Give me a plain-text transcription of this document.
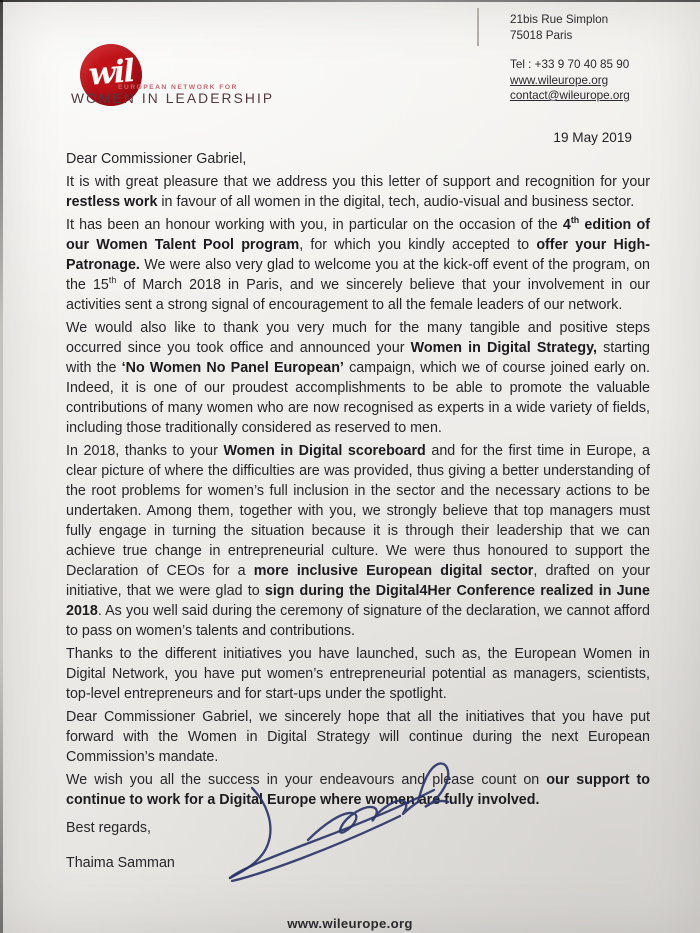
wil
EUROPEAN NETWORK FOR
WOMEN IN LEADERSHIP
21bis Rue Simplon
75018 Paris
Tel : +33 9 70 40 85 90
www.wileurope.org
contact@wileurope.org
19 May 2019

Dear Commissioner Gabriel,

It is with great pleasure that we address you this letter of support and recognition for your restless work in favour of all women in the digital, tech, audio-visual and business sector.

It has been an honour working with you, in particular on the occasion of the 4th edition of our Women Talent Pool program, for which you kindly accepted to offer your High-Patronage. We were also very glad to welcome you at the kick-off event of the program, on the 15th of March 2018 in Paris, and we sincerely believe that your involvement in our activities sent a strong signal of encouragement to all the female leaders of our network.

We would also like to thank you very much for the many tangible and positive steps occurred since you took office and announced your Women in Digital Strategy, starting with the ‘No Women No Panel European’ campaign, which we of course joined early on. Indeed, it is one of our proudest accomplishments to be able to promote the valuable contributions of many women who are now recognised as experts in a wide variety of fields, including those traditionally considered as reserved to men.

In 2018, thanks to your Women in Digital scoreboard and for the first time in Europe, a clear picture of where the difficulties are was provided, thus giving a better understanding of the root problems for women’s full inclusion in the sector and the necessary actions to be undertaken. Among them, together with you, we strongly believe that top managers must fully engage in turning the situation because it is through their leadership that we can achieve true change in entrepreneurial culture. We were thus honoured to support the Declaration of CEOs for a more inclusive European digital sector, drafted on your initiative, that we were glad to sign during the Digital4Her Conference realized in June 2018. As you well said during the ceremony of signature of the declaration, we cannot afford to pass on women’s talents and contributions.

Thanks to the different initiatives you have launched, such as, the European Women in Digital Network, you have put women’s entrepreneurial potential as managers, scientists, top-level entrepreneurs and for start-ups under the spotlight.

Dear Commissioner Gabriel, we sincerely hope that all the initiatives that you have put forward with the Women in Digital Strategy will continue during the next European Commission’s mandate.

We wish you all the success in your endeavours and please count on our support to continue to work for a Digital Europe where women are fully involved.

Best regards,

Thaima Samman

www.wileurope.org
